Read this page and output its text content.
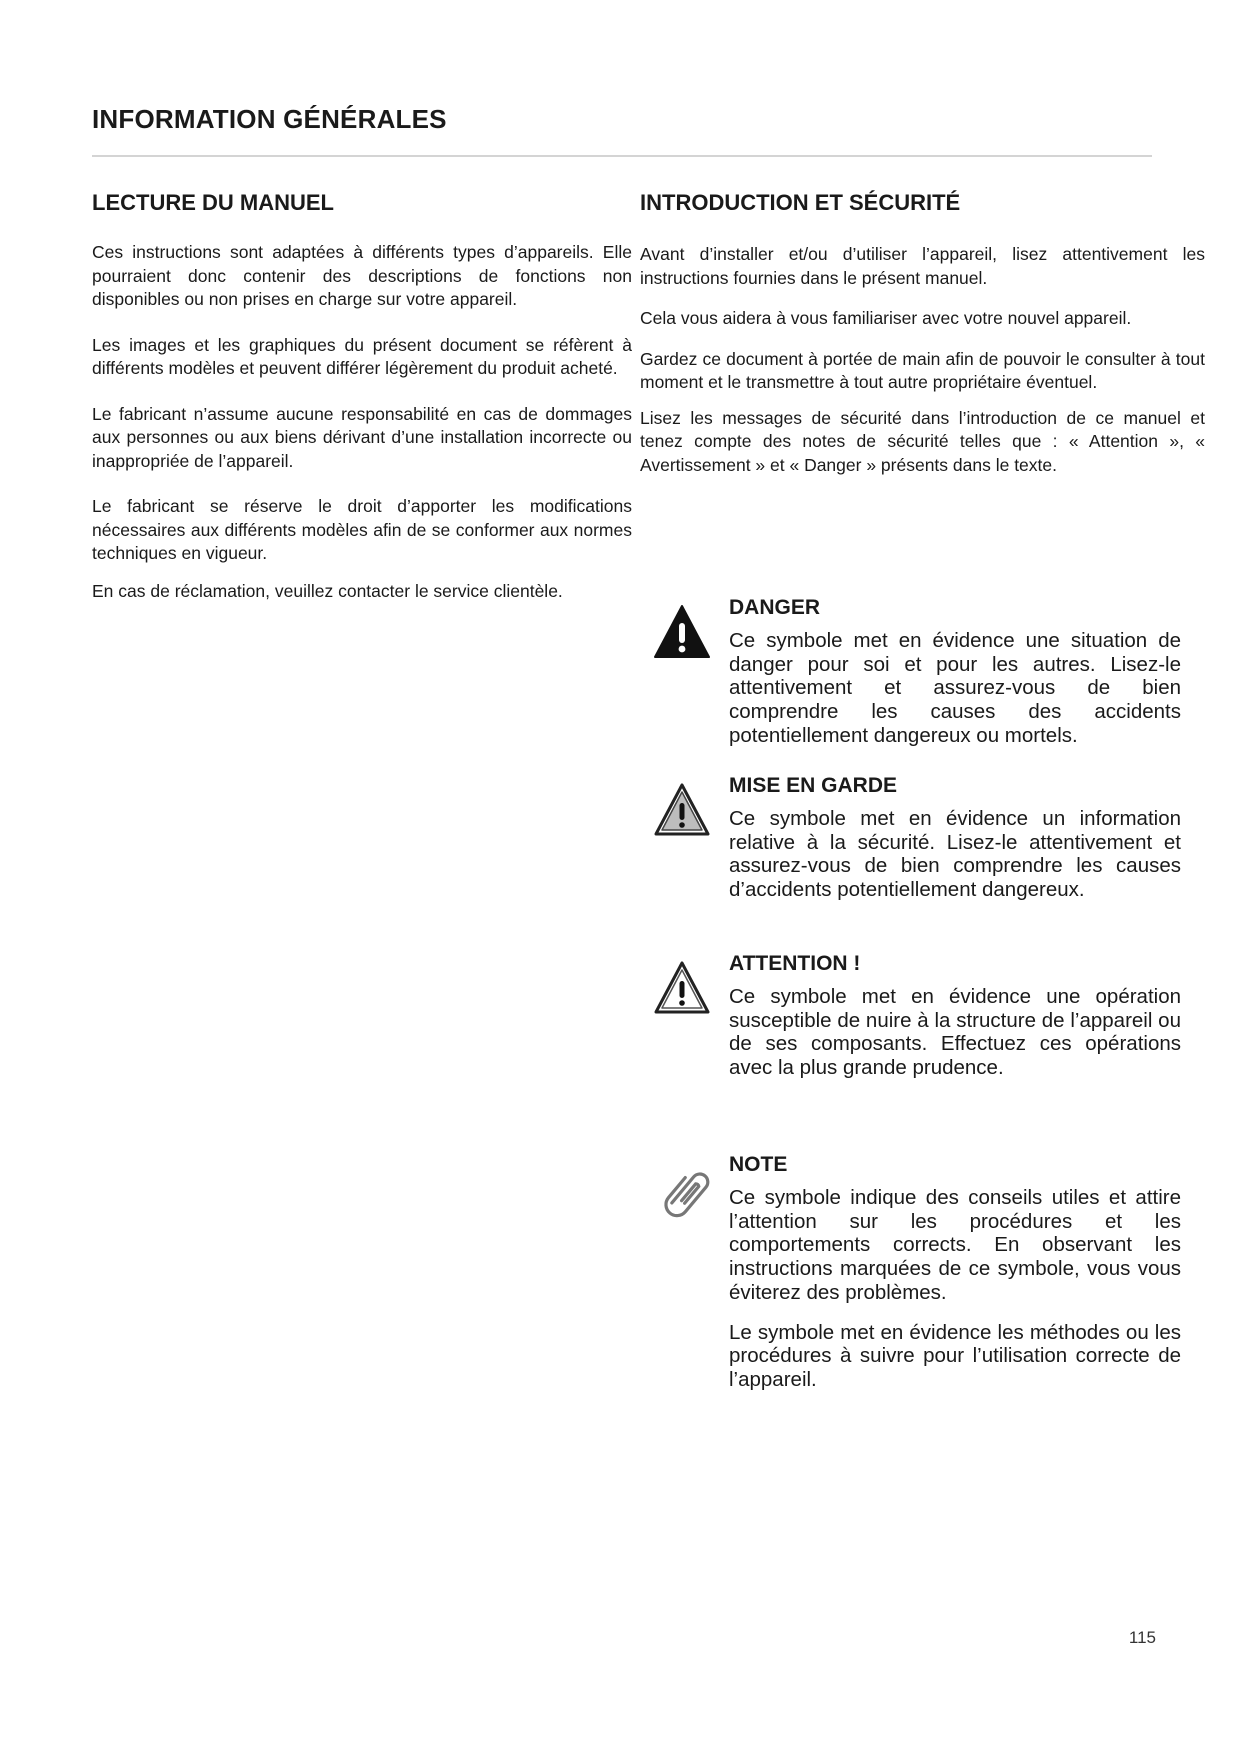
INFORMATION GÉNÉRALES
LECTURE DU MANUEL

Ces instructions sont adaptées à différents types d’appareils. Elle pourraient donc contenir des descriptions de fonctions non disponibles ou non prises en charge sur votre appareil.

Les images et les graphiques du présent document se réfèrent à différents modèles et peuvent différer légèrement du produit acheté.

Le fabricant n’assume aucune responsabilité en cas de dommages aux personnes ou aux biens dérivant d’une installation incorrecte ou inappropriée de l’appareil.

Le fabricant se réserve le droit d’apporter les modifications nécessaires aux différents modèles afin de se conformer aux normes techniques en vigueur.

En cas de réclamation, veuillez contacter le service clientèle.

INTRODUCTION ET SÉCURITÉ

Avant d’installer et/ou d’utiliser l’appareil, lisez attentivement les instructions fournies dans le présent manuel.

Cela vous aidera à vous familiariser avec votre nouvel appareil.

Gardez ce document à portée de main afin de pouvoir le consulter à tout moment et le transmettre à tout autre propriétaire éventuel.

Lisez les messages de sécurité dans l’introduction de ce manuel et tenez compte des notes de sécurité telles que : « Attention », « Avertissement » et « Danger » présents dans le texte.

DANGER

Ce symbole met en évidence une situation de danger pour soi et pour les autres. Lisez-le attentivement et assurez-vous de bien comprendre les causes des accidents potentiellement dangereux ou mortels.

MISE EN GARDE

Ce symbole met en évidence un information relative à la sécurité. Lisez-le attentivement et assurez-vous de bien comprendre les causes d’accidents potentiellement dangereux.

ATTENTION !

Ce symbole met en évidence une opération susceptible de nuire à la structure de l’appareil ou de ses composants. Effectuez ces opérations avec la plus grande prudence.

NOTE

Ce symbole indique des conseils utiles et attire l’attention sur les procédures et les comportements corrects. En observant les instructions marquées de ce symbole, vous vous éviterez des problèmes.

Le symbole met en évidence les méthodes ou les procédures à suivre pour l’utilisation correcte de l’appareil.

115
